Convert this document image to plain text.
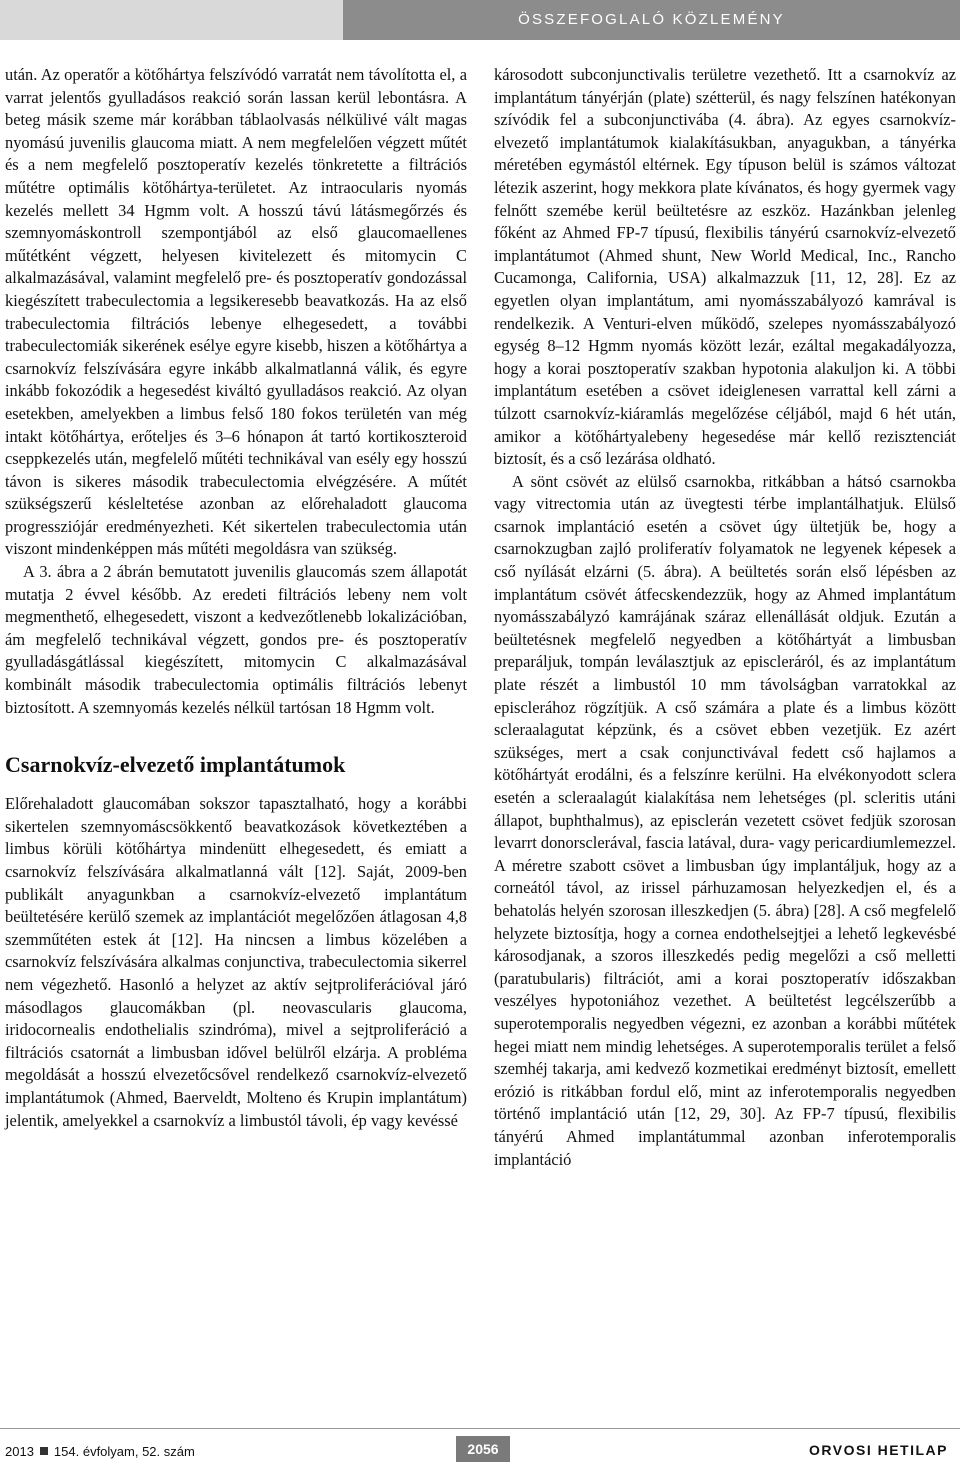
ÖSSZEFOGLALÓ KÖZLEMÉNY

után. Az operatőr a kötőhártya felszívódó varratát nem távolította el, a varrat jelentős gyulladásos reakció során lassan kerül lebontásra. A beteg másik szeme már korábban táblaolvasás nélkülivé vált magas nyomású juvenilis glaucoma miatt. A nem megfelelően végzett műtét és a nem megfelelő posztoperatív kezelés tönkretette a filtrációs műtétre optimális kötőhártya-területet. Az intraocularis nyomás kezelés mellett 34 Hgmm volt. A hosszú távú látásmegőrzés és szemnyomáskontroll szempontjából az első glaucomaellenes műtétként végzett, helyesen kivitelezett és mitomycin C alkalmazásával, valamint megfelelő pre- és posztoperatív gondozással kiegészített trabeculectomia a legsikeresebb beavatkozás. Ha az első trabeculectomia filtrációs lebenye elhegesedett, a további trabeculectomiák sikerének esélye egyre kisebb, hiszen a kötőhártya a csarnokvíz felszívására egyre inkább alkalmatlanná válik, és egyre inkább fokozódik a hegesedést kiváltó gyulladásos reakció. Az olyan esetekben, amelyekben a limbus felső 180 fokos területén van még intakt kötőhártya, erőteljes és 3–6 hónapon át tartó kortikoszteroid cseppkezelés után, megfelelő műtéti technikával van esély egy hosszú távon is sikeres második trabeculectomia elvégzésére. A műtét szükségszerű késleltetése azonban az előrehaladott glaucoma progressziójár eredményezheti. Két sikertelen trabeculectomia után viszont mindenképpen más műtéti megoldásra van szükség.

A 3. ábra a 2 ábrán bemutatott juvenilis glaucomás szem állapotát mutatja 2 évvel később. Az eredeti filtrációs lebeny nem volt megmenthető, elhegesedett, viszont a kedvezőtlenebb lokalizációban, ám megfelelő technikával végzett, gondos pre- és posztoperatív gyulladásgátlással kiegészített, mitomycin C alkalmazásával kombinált második trabeculectomia optimális filtrációs lebenyt biztosított. A szemnyomás kezelés nélkül tartósan 18 Hgmm volt.

Csarnokvíz-elvezető implantátumok

Előrehaladott glaucomában sokszor tapasztalható, hogy a korábbi sikertelen szemnyomáscsökkentő beavatkozások következtében a limbus körüli kötőhártya mindenütt elhegesedett, és emiatt a csarnokvíz felszívására alkalmatlanná vált [12]. Saját, 2009-ben publikált anyagunkban a csarnokvíz-elvezető implantátum beültetésére kerülő szemek az implantációt megelőzően átlagosan 4,8 szemműtéten estek át [12]. Ha nincsen a limbus közelében a csarnokvíz felszívására alkalmas conjunctiva, trabeculectomia sikerrel nem végezhető. Hasonló a helyzet az aktív sejtproliferációval járó másodlagos glaucomákban (pl. neovascularis glaucoma, iridocornealis endothelialis szindróma), mivel a sejtproliferáció a filtrációs csatornát a limbusban idővel belülről elzárja. A probléma megoldását a hosszú elvezetőcsővel rendelkező csarnokvíz-elvezető implantátumok (Ahmed, Baerveldt, Molteno és Krupin implantátum) jelentik, amelyekkel a csarnokvíz a limbustól távoli, ép vagy kevéssé

károsodott subconjunctivalis területre vezethető. Itt a csarnokvíz az implantátum tányérján (plate) szétterül, és nagy felszínen hatékonyan szívódik fel a subconjunctivába (4. ábra). Az egyes csarnokvíz-elvezető implantátumok kialakításukban, anyagukban, a tányérka méretében egymástól eltérnek. Egy típuson belül is számos változat létezik aszerint, hogy mekkora plate kívánatos, és hogy gyermek vagy felnőtt szemébe kerül beültetésre az eszköz. Hazánkban jelenleg főként az Ahmed FP-7 típusú, flexibilis tányérú csarnokvíz-elvezető implantátumot (Ahmed shunt, New World Medical, Inc., Rancho Cucamonga, California, USA) alkalmazzuk [11, 12, 28]. Ez az egyetlen olyan implantátum, ami nyomásszabályozó kamrával is rendelkezik. A Venturi-elven működő, szelepes nyomásszabályozó egység 8–12 Hgmm nyomás között lezár, ezáltal megakadályozza, hogy a korai posztoperatív szakban hypotonia alakuljon ki. A többi implantátum esetében a csövet ideiglenesen varrattal kell zárni a túlzott csarnokvíz-kiáramlás megelőzése céljából, majd 6 hét után, amikor a kötőhártyalebeny hegesedése már kellő rezisztenciát biztosít, és a cső lezárása oldható.

A sönt csövét az elülső csarnokba, ritkábban a hátsó csarnokba vagy vitrectomia után az üvegtesti térbe implantálhatjuk. Elülső csarnok implantáció esetén a csövet úgy ültetjük be, hogy a csarnokzugban zajló proliferatív folyamatok ne legyenek képesek a cső nyílását elzárni (5. ábra). A beültetés során első lépésben az implantátum csövét átfecskendezzük, hogy az Ahmed implantátum nyomásszabályzó kamrájának száraz ellenállását oldjuk. Ezután a beültetésnek megfelelő negyedben a kötőhártyát a limbusban preparáljuk, tompán leválasztjuk az episcleráról, és az implantátum plate részét a limbustól 10 mm távolságban varratokkal az episclerához rögzítjük. A cső számára a plate és a limbus között scleraalagutat képzünk, és a csövet ebben vezetjük. Ez azért szükséges, mert a csak conjunctivával fedett cső hajlamos a kötőhártyát erodálni, és a felszínre kerülni. Ha elvékonyodott sclera esetén a scleraalagút kialakítása nem lehetséges (pl. scleritis utáni állapot, buphthalmus), az episclerán vezetett csövet fedjük szorosan levarrt donorsclerával, fascia latával, dura- vagy pericardiumlemezzel. A méretre szabott csövet a limbusban úgy implantáljuk, hogy az a corneától távol, az irissel párhuzamosan helyezkedjen el, és a behatolás helyén szorosan illeszkedjen (5. ábra) [28]. A cső megfelelő helyzete biztosítja, hogy a cornea endothelsejtjei a lehető legkevésbé károsodjanak, a szoros illeszkedés pedig megelőzi a cső melletti (paratubularis) filtrációt, ami a korai posztoperatív időszakban veszélyes hypotoniához vezethet. A beültetést legcélszerűbb a superotemporalis negyedben végezni, ez azonban a korábbi műtétek hegei miatt nem mindig lehetséges. A superotemporalis terület a felső szemhéj takarja, ami kedvező kozmetikai eredményt biztosít, emellett erózió is ritkábban fordul elő, mint az inferotemporalis negyedben történő implantáció után [12, 29, 30]. Az FP-7 típusú, flexibilis tányérú Ahmed implantátummal azonban inferotemporalis implantáció

2013 154. évfolyam, 52. szám	2056	ORVOSI HETILAP
